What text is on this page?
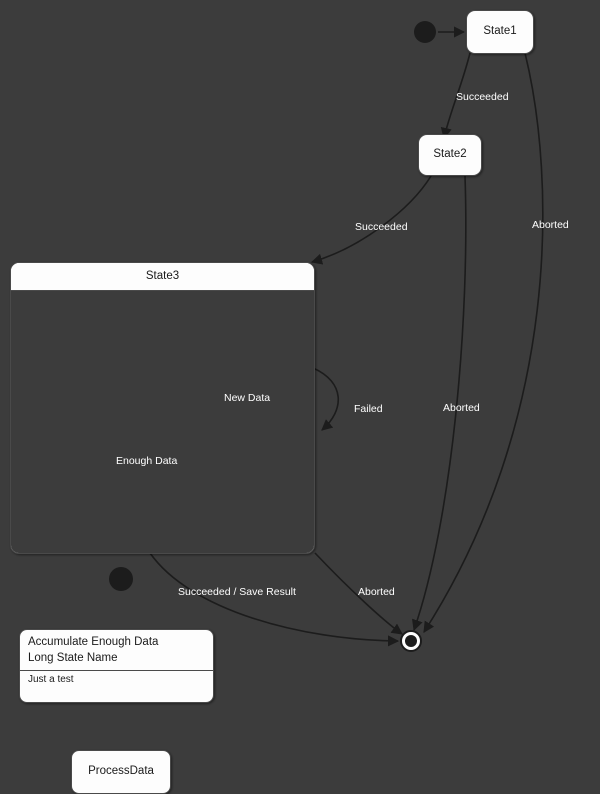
State1
State2
State3
Accumulate Enough Data
Long State Name
Just a test
ProcessData
Succeeded
Succeeded	Aborted
Aborted
New Data
Failed
Enough Data
Succeeded / Save Result	Aborted
